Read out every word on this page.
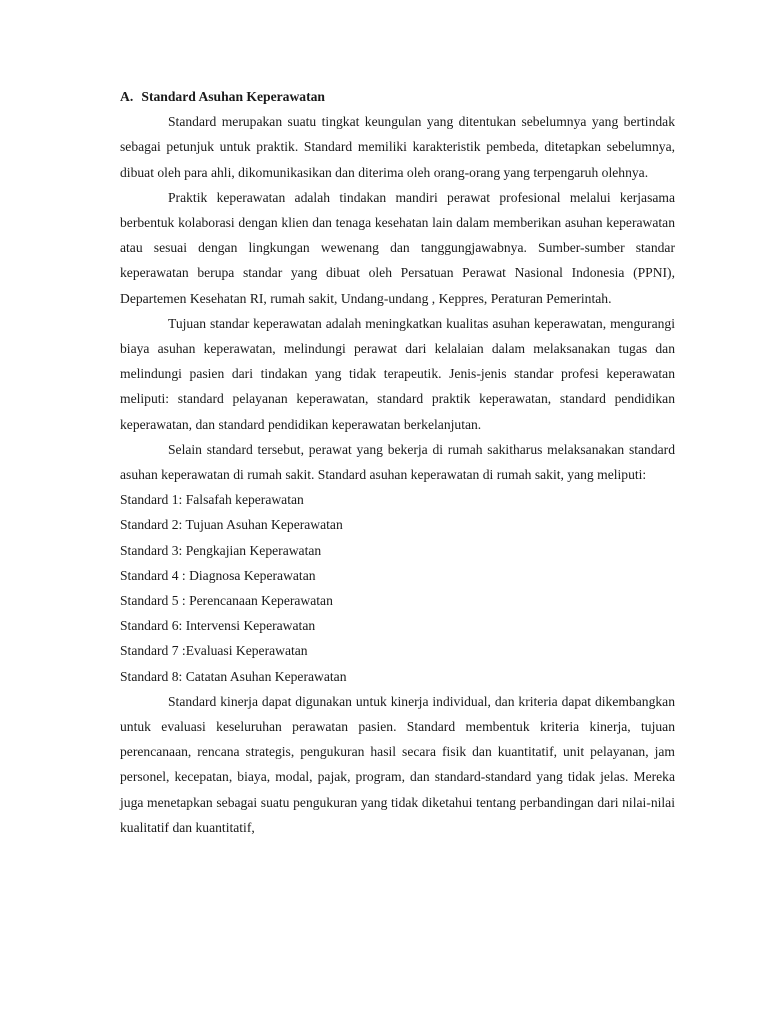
A. Standard Asuhan Keperawatan

Standard merupakan suatu tingkat keungulan yang ditentukan sebelumnya yang bertindak sebagai petunjuk untuk praktik. Standard memiliki karakteristik pembeda, ditetapkan sebelumnya, dibuat oleh para ahli, dikomunikasikan dan diterima oleh orang-orang yang terpengaruh olehnya.

Praktik keperawatan adalah tindakan mandiri perawat profesional melalui kerjasama berbentuk kolaborasi dengan klien dan tenaga kesehatan lain dalam memberikan asuhan keperawatan atau sesuai dengan lingkungan wewenang dan tanggungjawabnya. Sumber-sumber standar keperawatan berupa standar yang dibuat oleh Persatuan Perawat Nasional Indonesia (PPNI), Departemen Kesehatan RI, rumah sakit, Undang-undang , Keppres, Peraturan Pemerintah.

Tujuan standar keperawatan adalah meningkatkan kualitas asuhan keperawatan, mengurangi biaya asuhan keperawatan, melindungi perawat dari kelalaian dalam melaksanakan tugas dan melindungi pasien dari tindakan yang tidak terapeutik. Jenis-jenis standar profesi keperawatan meliputi: standard pelayanan keperawatan, standard praktik keperawatan, standard pendidikan keperawatan, dan standard pendidikan keperawatan berkelanjutan.

Selain standard tersebut, perawat yang bekerja di rumah sakitharus melaksanakan standard asuhan keperawatan di rumah sakit. Standard asuhan keperawatan di rumah sakit, yang meliputi:

Standard 1: Falsafah keperawatan
Standard 2: Tujuan Asuhan Keperawatan
Standard 3: Pengkajian Keperawatan
Standard 4 : Diagnosa Keperawatan
Standard 5 : Perencanaan Keperawatan
Standard 6: Intervensi Keperawatan
Standard 7 :Evaluasi Keperawatan
Standard 8: Catatan Asuhan Keperawatan

Standard kinerja dapat digunakan untuk kinerja individual, dan kriteria dapat dikembangkan untuk evaluasi keseluruhan perawatan pasien. Standard membentuk kriteria kinerja, tujuan perencanaan, rencana strategis, pengukuran hasil secara fisik dan kuantitatif, unit pelayanan, jam personel, kecepatan, biaya, modal, pajak, program, dan standard-standard yang tidak jelas. Mereka juga menetapkan sebagai suatu pengukuran yang tidak diketahui tentang perbandingan dari nilai-nilai kualitatif dan kuantitatif,
